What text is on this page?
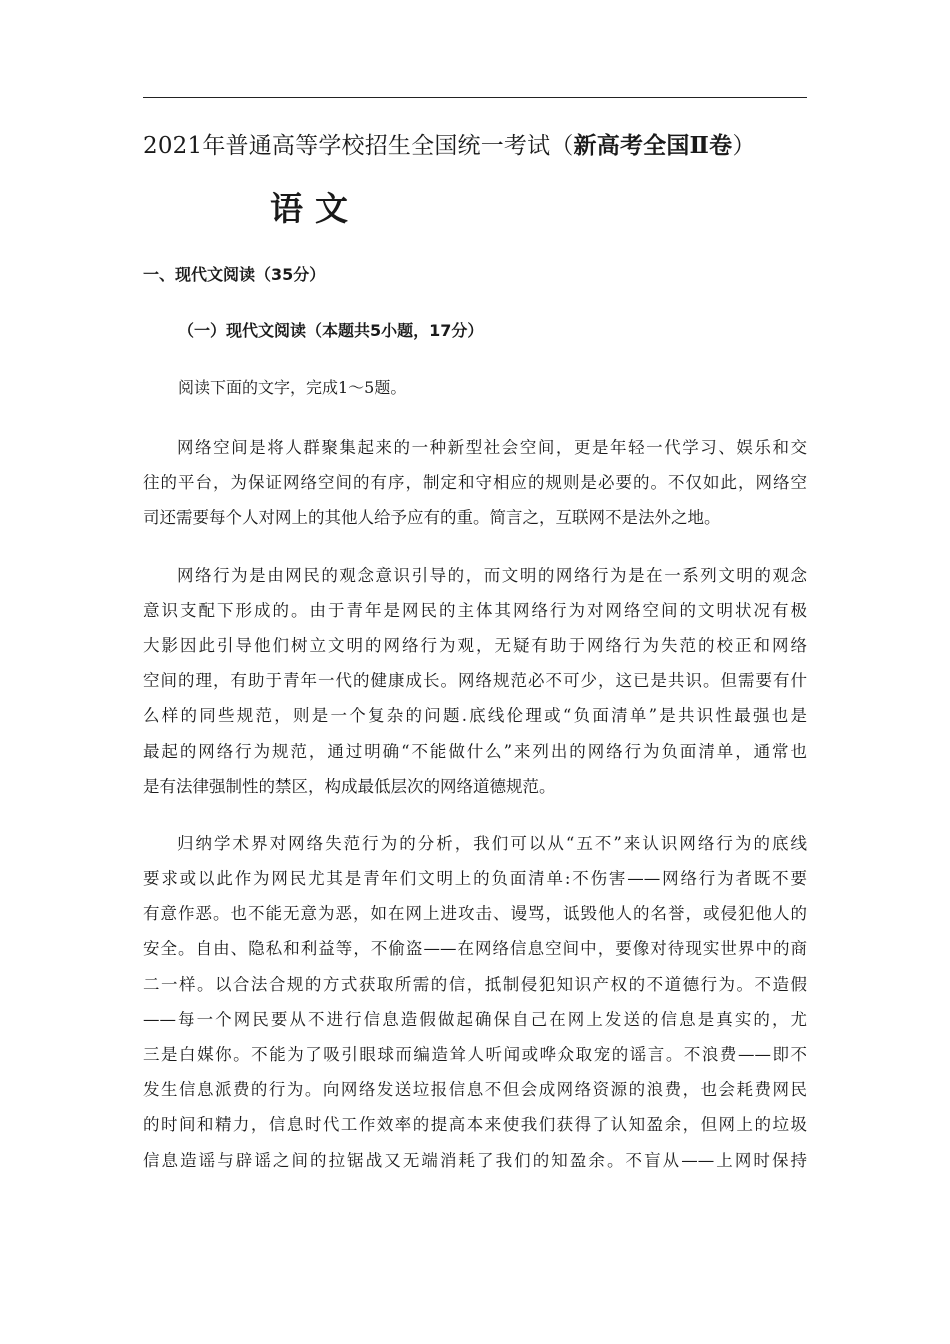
2021年普通高等学校招生全国统一考试（新高考全国Ⅱ卷）
语文
一、现代文阅读（35分）
（一）现代文阅读（本题共5小题，17分）
阅读下面的文字，完成1～5题。
网络空间是将人群聚集起来的一种新型社会空间，更是年轻一代学习、娱乐和交
往的平台，为保证网络空间的有序，制定和守相应的规则是必要的。不仅如此，网络空
司还需要每个人对网上的其他人给予应有的重。简言之，互联网不是法外之地。
网络行为是由网民的观念意识引导的，而文明的网络行为是在一系列文明的观念
意识支配下形成的。由于青年是网民的主体其网络行为对网络空间的文明状况有极
大影因此引导他们树立文明的网络行为观，无疑有助于网络行为失范的校正和网络
空间的理，有助于青年一代的健康成长。网络规范必不可少，这已是共识。但需要有什
么样的同些规范，则是一个复杂的问题.底线伦理或“负面清单”是共识性最强也是
最起的网络行为规范，通过明确“不能做什么”来列出的网络行为负面清单，通常也
是有法律强制性的禁区，构成最低层次的网络道德规范。
归纳学术界对网络失范行为的分析，我们可以从“五不”来认识网络行为的底线
要求或以此作为网民尤其是青年们文明上的负面清单:不伤害——网络行为者既不要
有意作恶。也不能无意为恶，如在网上进攻击、谩骂，诋毁他人的名誉，或侵犯他人的
安全。自由、隐私和利益等，不偷盗——在网络信息空间中，要像对待现实世界中的商
二一样。以合法合规的方式获取所需的信，抵制侵犯知识产权的不道德行为。不造假
——每一个网民要从不进行信息造假做起确保自己在网上发送的信息是真实的，尤
三是白媒你。不能为了吸引眼球而编造耸人听闻或哗众取宠的谣言。不浪费——即不
发生信息派费的行为。向网络发送垃报信息不但会成网络资源的浪费，也会耗费网民
的时间和精力，信息时代工作效率的提高本来使我们获得了认知盈余，但网上的垃圾
信息造谣与辟谣之间的拉锯战又无端消耗了我们的知盈余。不盲从——上网时保持
